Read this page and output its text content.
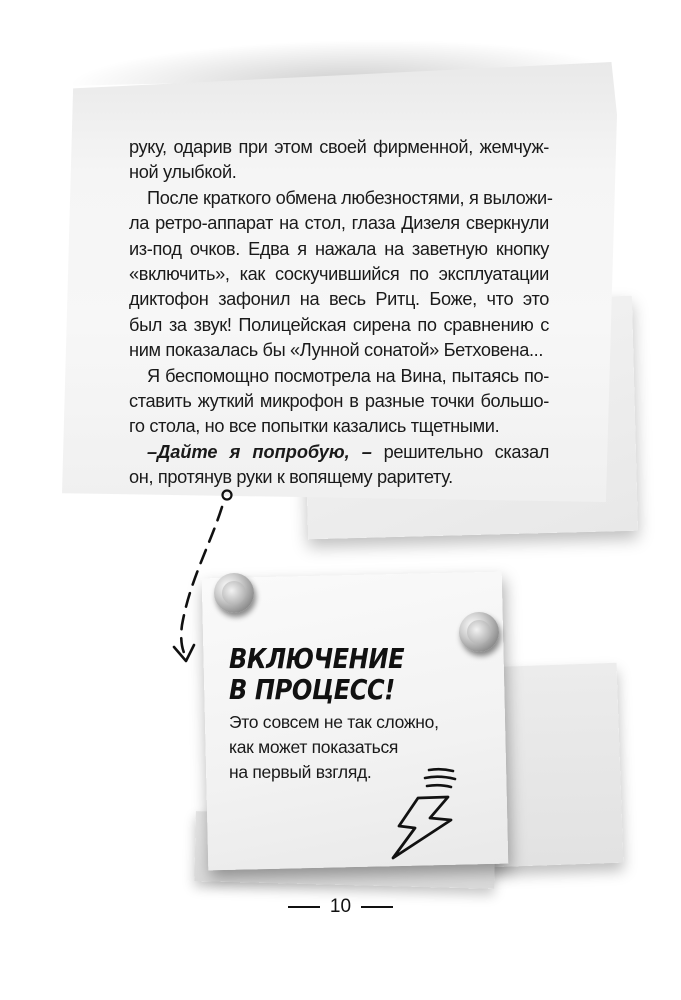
руку, одарив при этом своей фирменной, жемчуж-
ной улыбкой.
После краткого обмена любезностями, я выложи-
ла ретро-аппарат на стол, глаза Дизеля сверкнули
из-под очков. Едва я нажала на заветную кнопку
«включить», как соскучившийся по эксплуатации
диктофон зафонил на весь Ритц. Боже, что это
был за звук! Полицейская сирена по сравнению с
ним показалась бы «Лунной сонатой» Бетховена...
Я беспомощно посмотрела на Вина, пытаясь по-
ставить жуткий микрофон в разные точки большо-
го стола, но все попытки казались тщетными.
–Дайте я попробую, – решительно сказал
он, протянув руки к вопящему раритету.
ВКЛЮЧЕНИЕ
В ПРОЦЕСС!
Это совсем не так сложно,
как может показаться
на первый взгляд.
10
